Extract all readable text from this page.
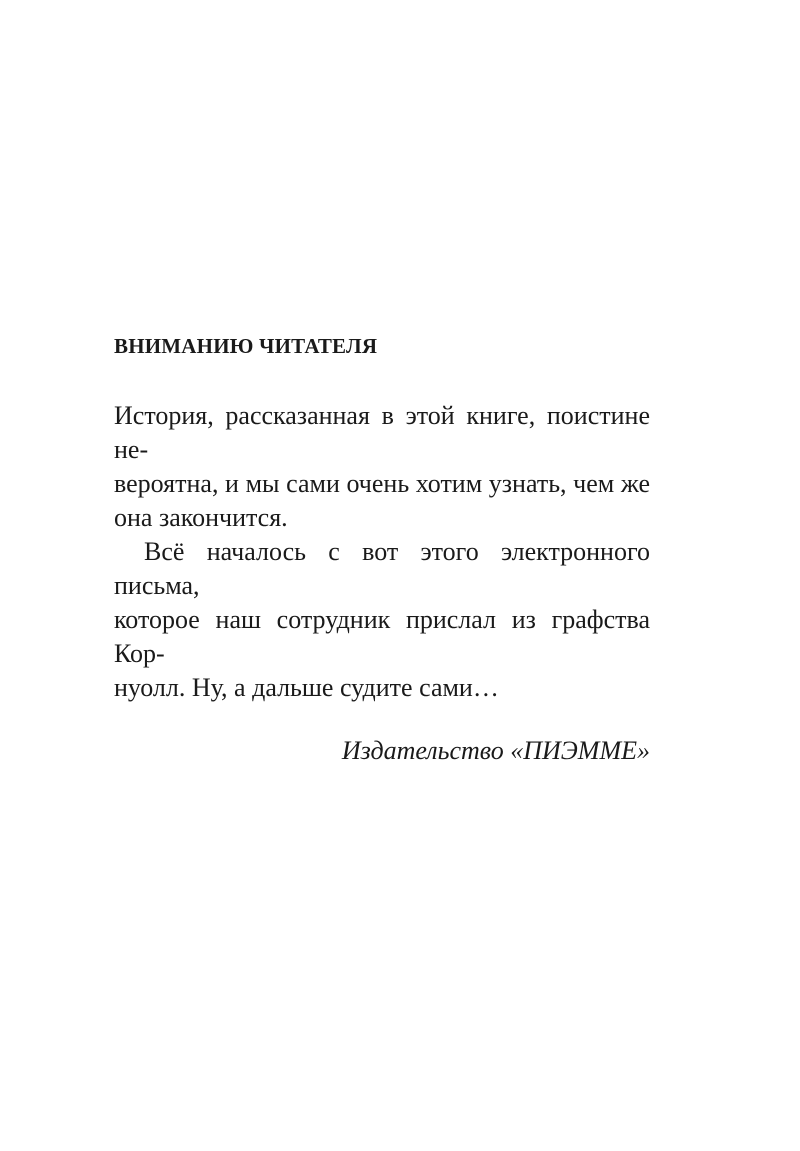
ВНИМАНИЮ ЧИТАТЕЛЯ

История, рассказанная в этой книге, поистине не-
вероятна, и мы сами очень хотим узнать, чем же
она закончится.

Всё началось с вот этого электронного письма,
которое наш сотрудник прислал из графства Кор-
нуолл. Ну, а дальше судите сами…

Издательство «ПИЭММЕ»
